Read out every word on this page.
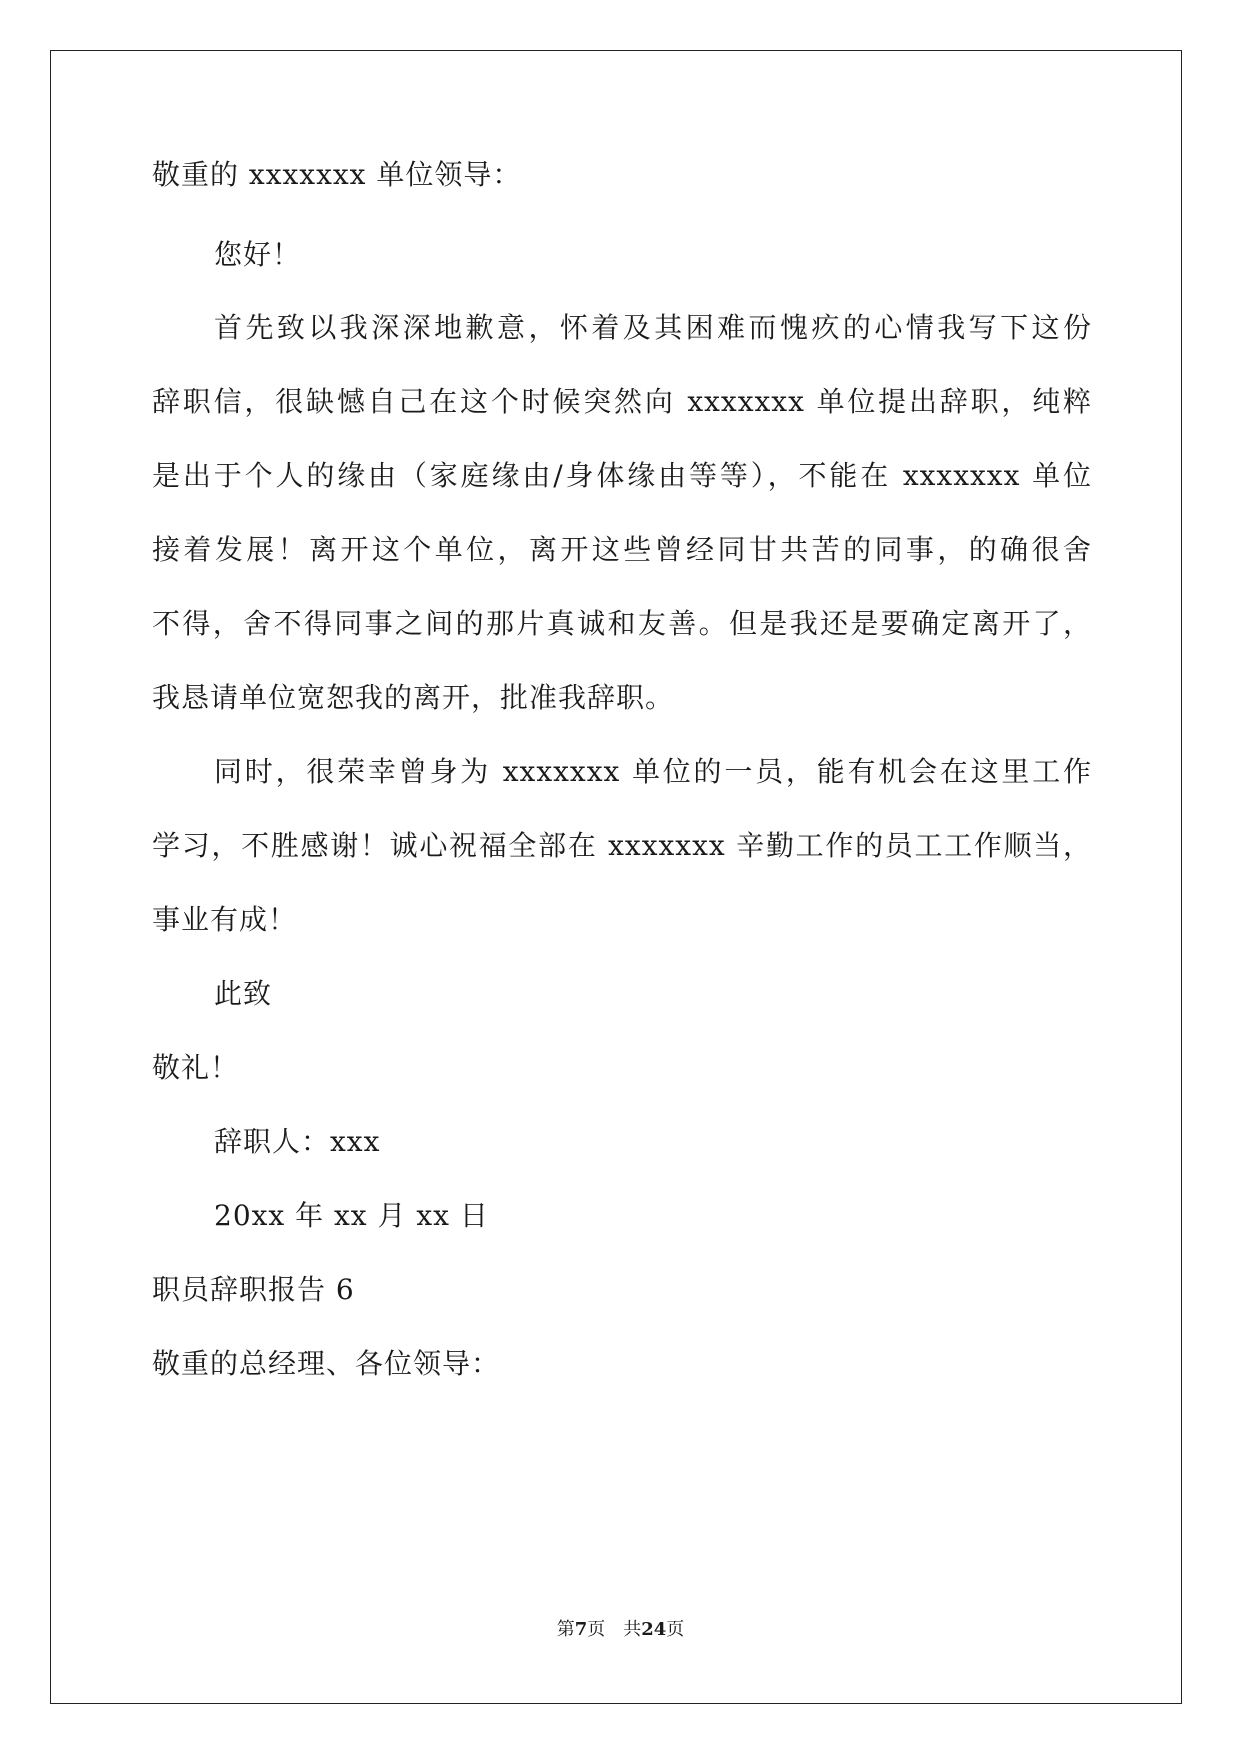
敬重的 xxxxxxx 单位领导：
您好！
首先致以我深深地歉意，怀着及其困难而愧疚的心情我写下这份
辞职信，很缺憾自己在这个时候突然向 xxxxxxx 单位提出辞职，纯粹
是出于个人的缘由（家庭缘由/身体缘由等等），不能在 xxxxxxx 单位
接着发展！离开这个单位，离开这些曾经同甘共苦的同事，的确很舍
不得，舍不得同事之间的那片真诚和友善。但是我还是要确定离开了，
我恳请单位宽恕我的离开，批准我辞职。
同时，很荣幸曾身为 xxxxxxx 单位的一员，能有机会在这里工作
学习，不胜感谢！诚心祝福全部在 xxxxxxx 辛勤工作的员工工作顺当，
事业有成！
此致
敬礼！
辞职人：xxx
20xx 年 xx 月 xx 日
职员辞职报告 6
敬重的总经理、各位领导：
第7页 共24页
